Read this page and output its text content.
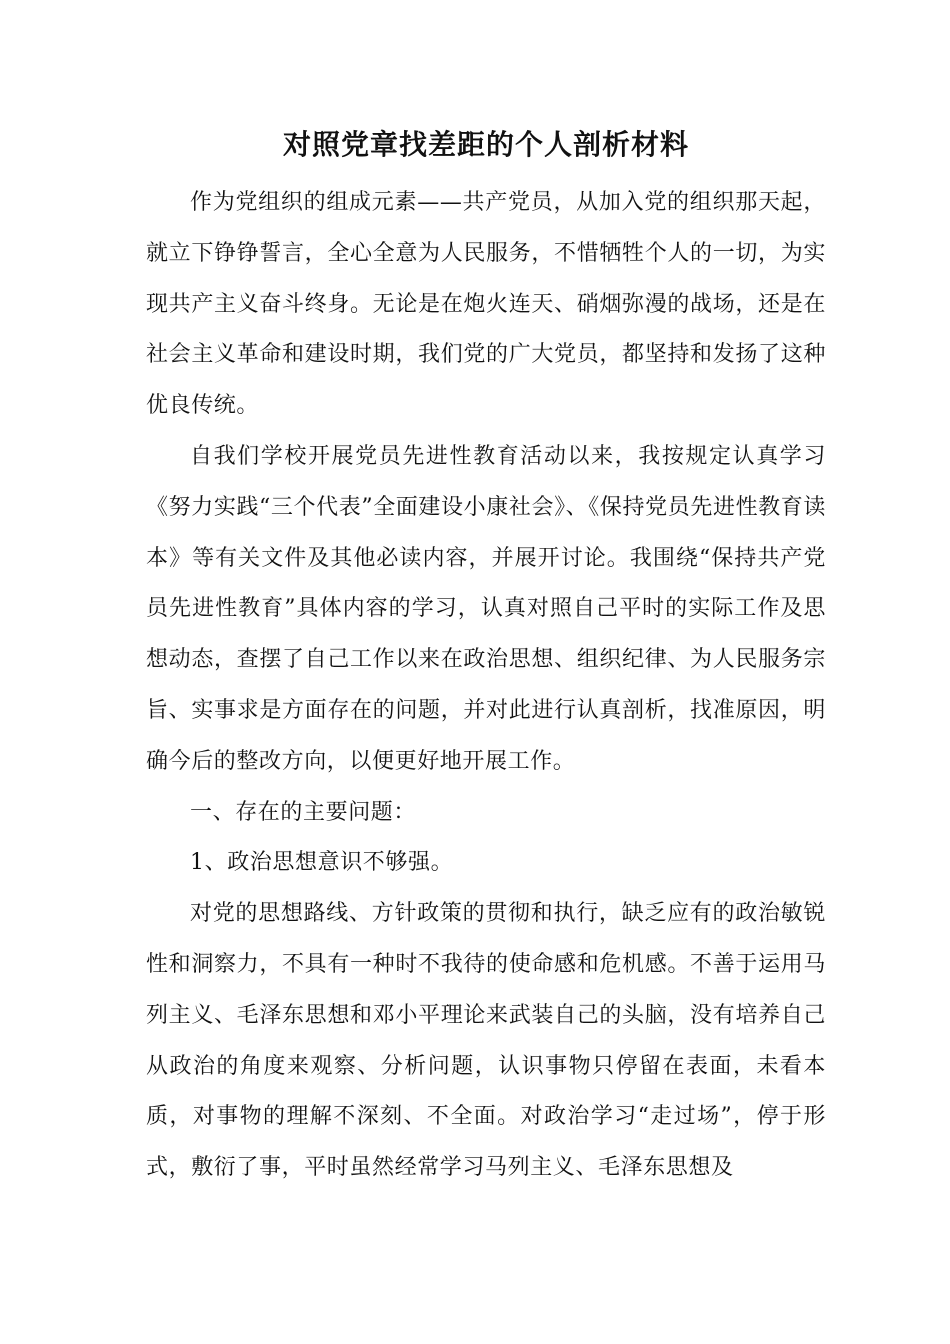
对照党章找差距的个人剖析材料

作为党组织的组成元素——共产党员，从加入党的组织那天起，就立下铮铮誓言，全心全意为人民服务，不惜牺牲个人的一切，为实现共产主义奋斗终身。无论是在炮火连天、硝烟弥漫的战场，还是在社会主义革命和建设时期，我们党的广大党员，都坚持和发扬了这种优良传统。

自我们学校开展党员先进性教育活动以来，我按规定认真学习《努力实践“三个代表”全面建设小康社会》、《保持党员先进性教育读本》等有关文件及其他必读内容，并展开讨论。我围绕“保持共产党员先进性教育”具体内容的学习，认真对照自己平时的实际工作及思想动态，查摆了自己工作以来在政治思想、组织纪律、为人民服务宗旨、实事求是方面存在的问题，并对此进行认真剖析，找准原因，明确今后的整改方向，以便更好地开展工作。

一、存在的主要问题：

1、政治思想意识不够强。

对党的思想路线、方针政策的贯彻和执行，缺乏应有的政治敏锐性和洞察力，不具有一种时不我待的使命感和危机感。不善于运用马列主义、毛泽东思想和邓小平理论来武装自己的头脑，没有培养自己从政治的角度来观察、分析问题，认识事物只停留在表面，未看本质，对事物的理解不深刻、不全面。对政治学习“走过场”，停于形式，敷衍了事，平时虽然经常学习马列主义、毛泽东思想及
